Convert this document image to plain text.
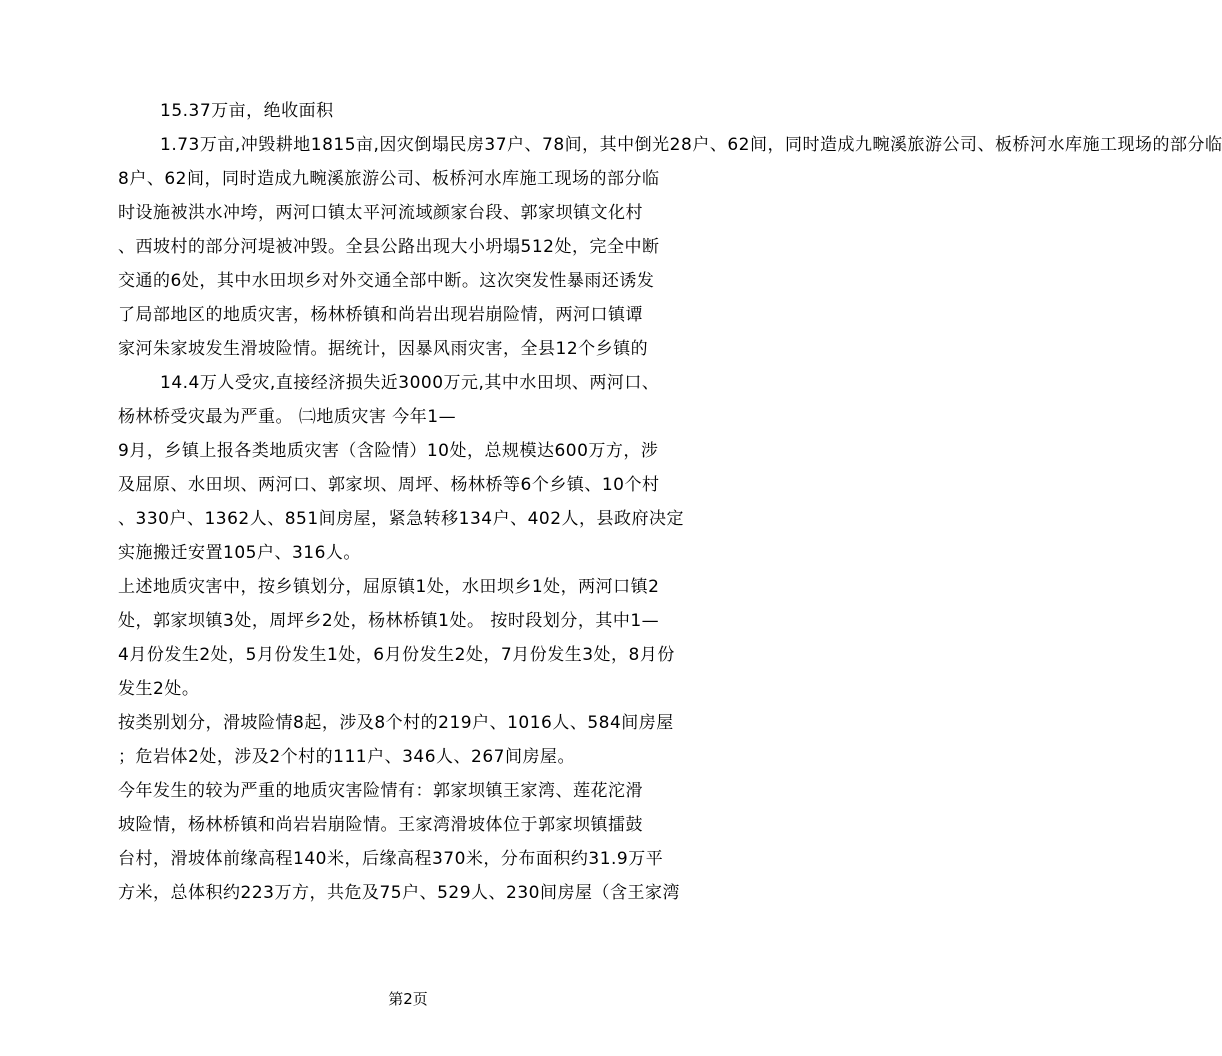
15.37万亩，绝收面积
1.73万亩,冲毁耕地1815亩,因灾倒塌民房37户、78间，其中倒光28户、62间，同时造成九畹溪旅游公司、板桥河水库施工现场的部分临
8户、62间，同时造成九畹溪旅游公司、板桥河水库施工现场的部分临
时设施被洪水冲垮，两河口镇太平河流域颜家台段、郭家坝镇文化村
、西坡村的部分河堤被冲毁。全县公路出现大小坍塌512处，完全中断
交通的6处，其中水田坝乡对外交通全部中断。这次突发性暴雨还诱发
了局部地区的地质灾害，杨林桥镇和尚岩出现岩崩险情，两河口镇谭
家河朱家坡发生滑坡险情。据统计，因暴风雨灾害，全县12个乡镇的
14.4万人受灾,直接经济损失近3000万元,其中水田坝、两河口、
杨林桥受灾最为严重。 ㈡地质灾害 今年1—
9月，乡镇上报各类地质灾害（含险情）10处，总规模达600万方，涉
及屈原、水田坝、两河口、郭家坝、周坪、杨林桥等6个乡镇、10个村
、330户、1362人、851间房屋，紧急转移134户、402人，县政府决定
实施搬迁安置105户、316人。
上述地质灾害中，按乡镇划分，屈原镇1处，水田坝乡1处，两河口镇2
处，郭家坝镇3处，周坪乡2处，杨林桥镇1处。 按时段划分，其中1—
4月份发生2处，5月份发生1处，6月份发生2处，7月份发生3处，8月份
发生2处。
按类别划分，滑坡险情8起，涉及8个村的219户、1016人、584间房屋
；危岩体2处，涉及2个村的111户、346人、267间房屋。
今年发生的较为严重的地质灾害险情有：郭家坝镇王家湾、莲花沱滑
坡险情，杨林桥镇和尚岩岩崩险情。王家湾滑坡体位于郭家坝镇擂鼓
台村，滑坡体前缘高程140米，后缘高程370米，分布面积约31.9万平
方米，总体积约223万方，共危及75户、529人、230间房屋（含王家湾
第2页
